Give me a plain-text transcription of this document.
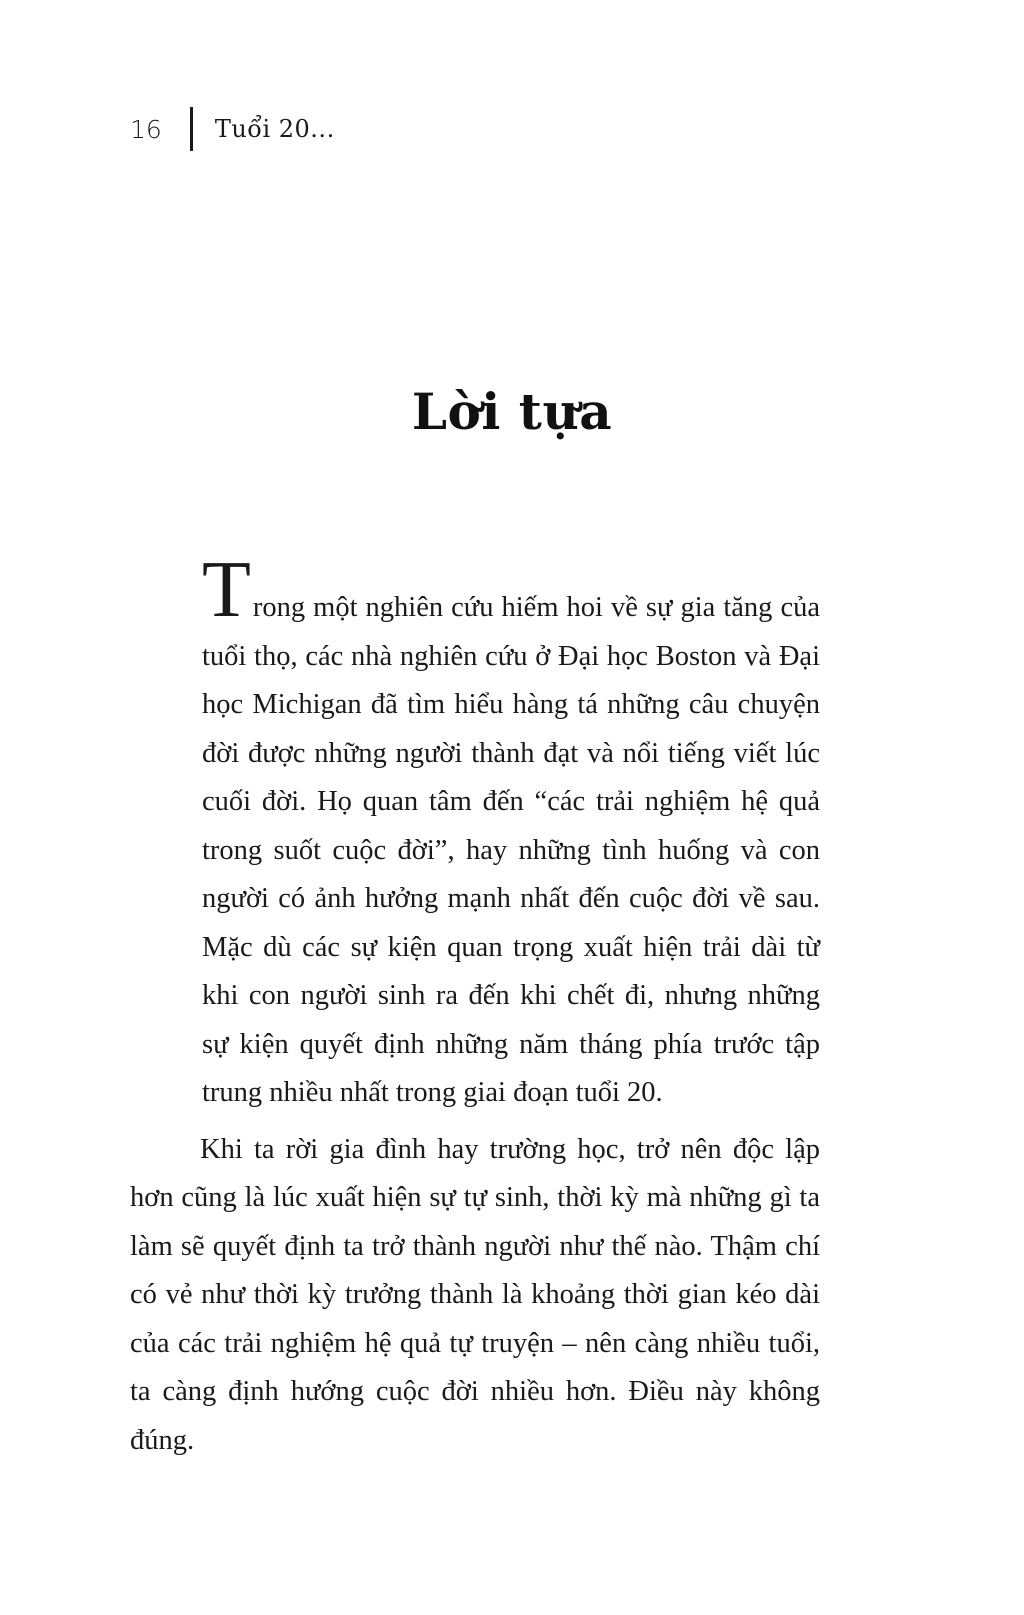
16 Tuổi 20...
Lời tựa

Trong một nghiên cứu hiếm hoi về sự gia tăng của tuổi thọ, các nhà nghiên cứu ở Đại học Boston và Đại học Michigan đã tìm hiểu hàng tá những câu chuyện đời được những người thành đạt và nổi tiếng viết lúc cuối đời. Họ quan tâm đến “các trải nghiệm hệ quả trong suốt cuộc đời”, hay những tình huống và con người có ảnh hưởng mạnh nhất đến cuộc đời về sau. Mặc dù các sự kiện quan trọng xuất hiện trải dài từ khi con người sinh ra đến khi chết đi, nhưng những sự kiện quyết định những năm tháng phía trước tập trung nhiều nhất trong giai đoạn tuổi 20.

Khi ta rời gia đình hay trường học, trở nên độc lập hơn cũng là lúc xuất hiện sự tự sinh, thời kỳ mà những gì ta làm sẽ quyết định ta trở thành người như thế nào. Thậm chí có vẻ như thời kỳ trưởng thành là khoảng thời gian kéo dài của các trải nghiệm hệ quả tự truyện – nên càng nhiều tuổi, ta càng định hướng cuộc đời nhiều hơn. Điều này không đúng.
